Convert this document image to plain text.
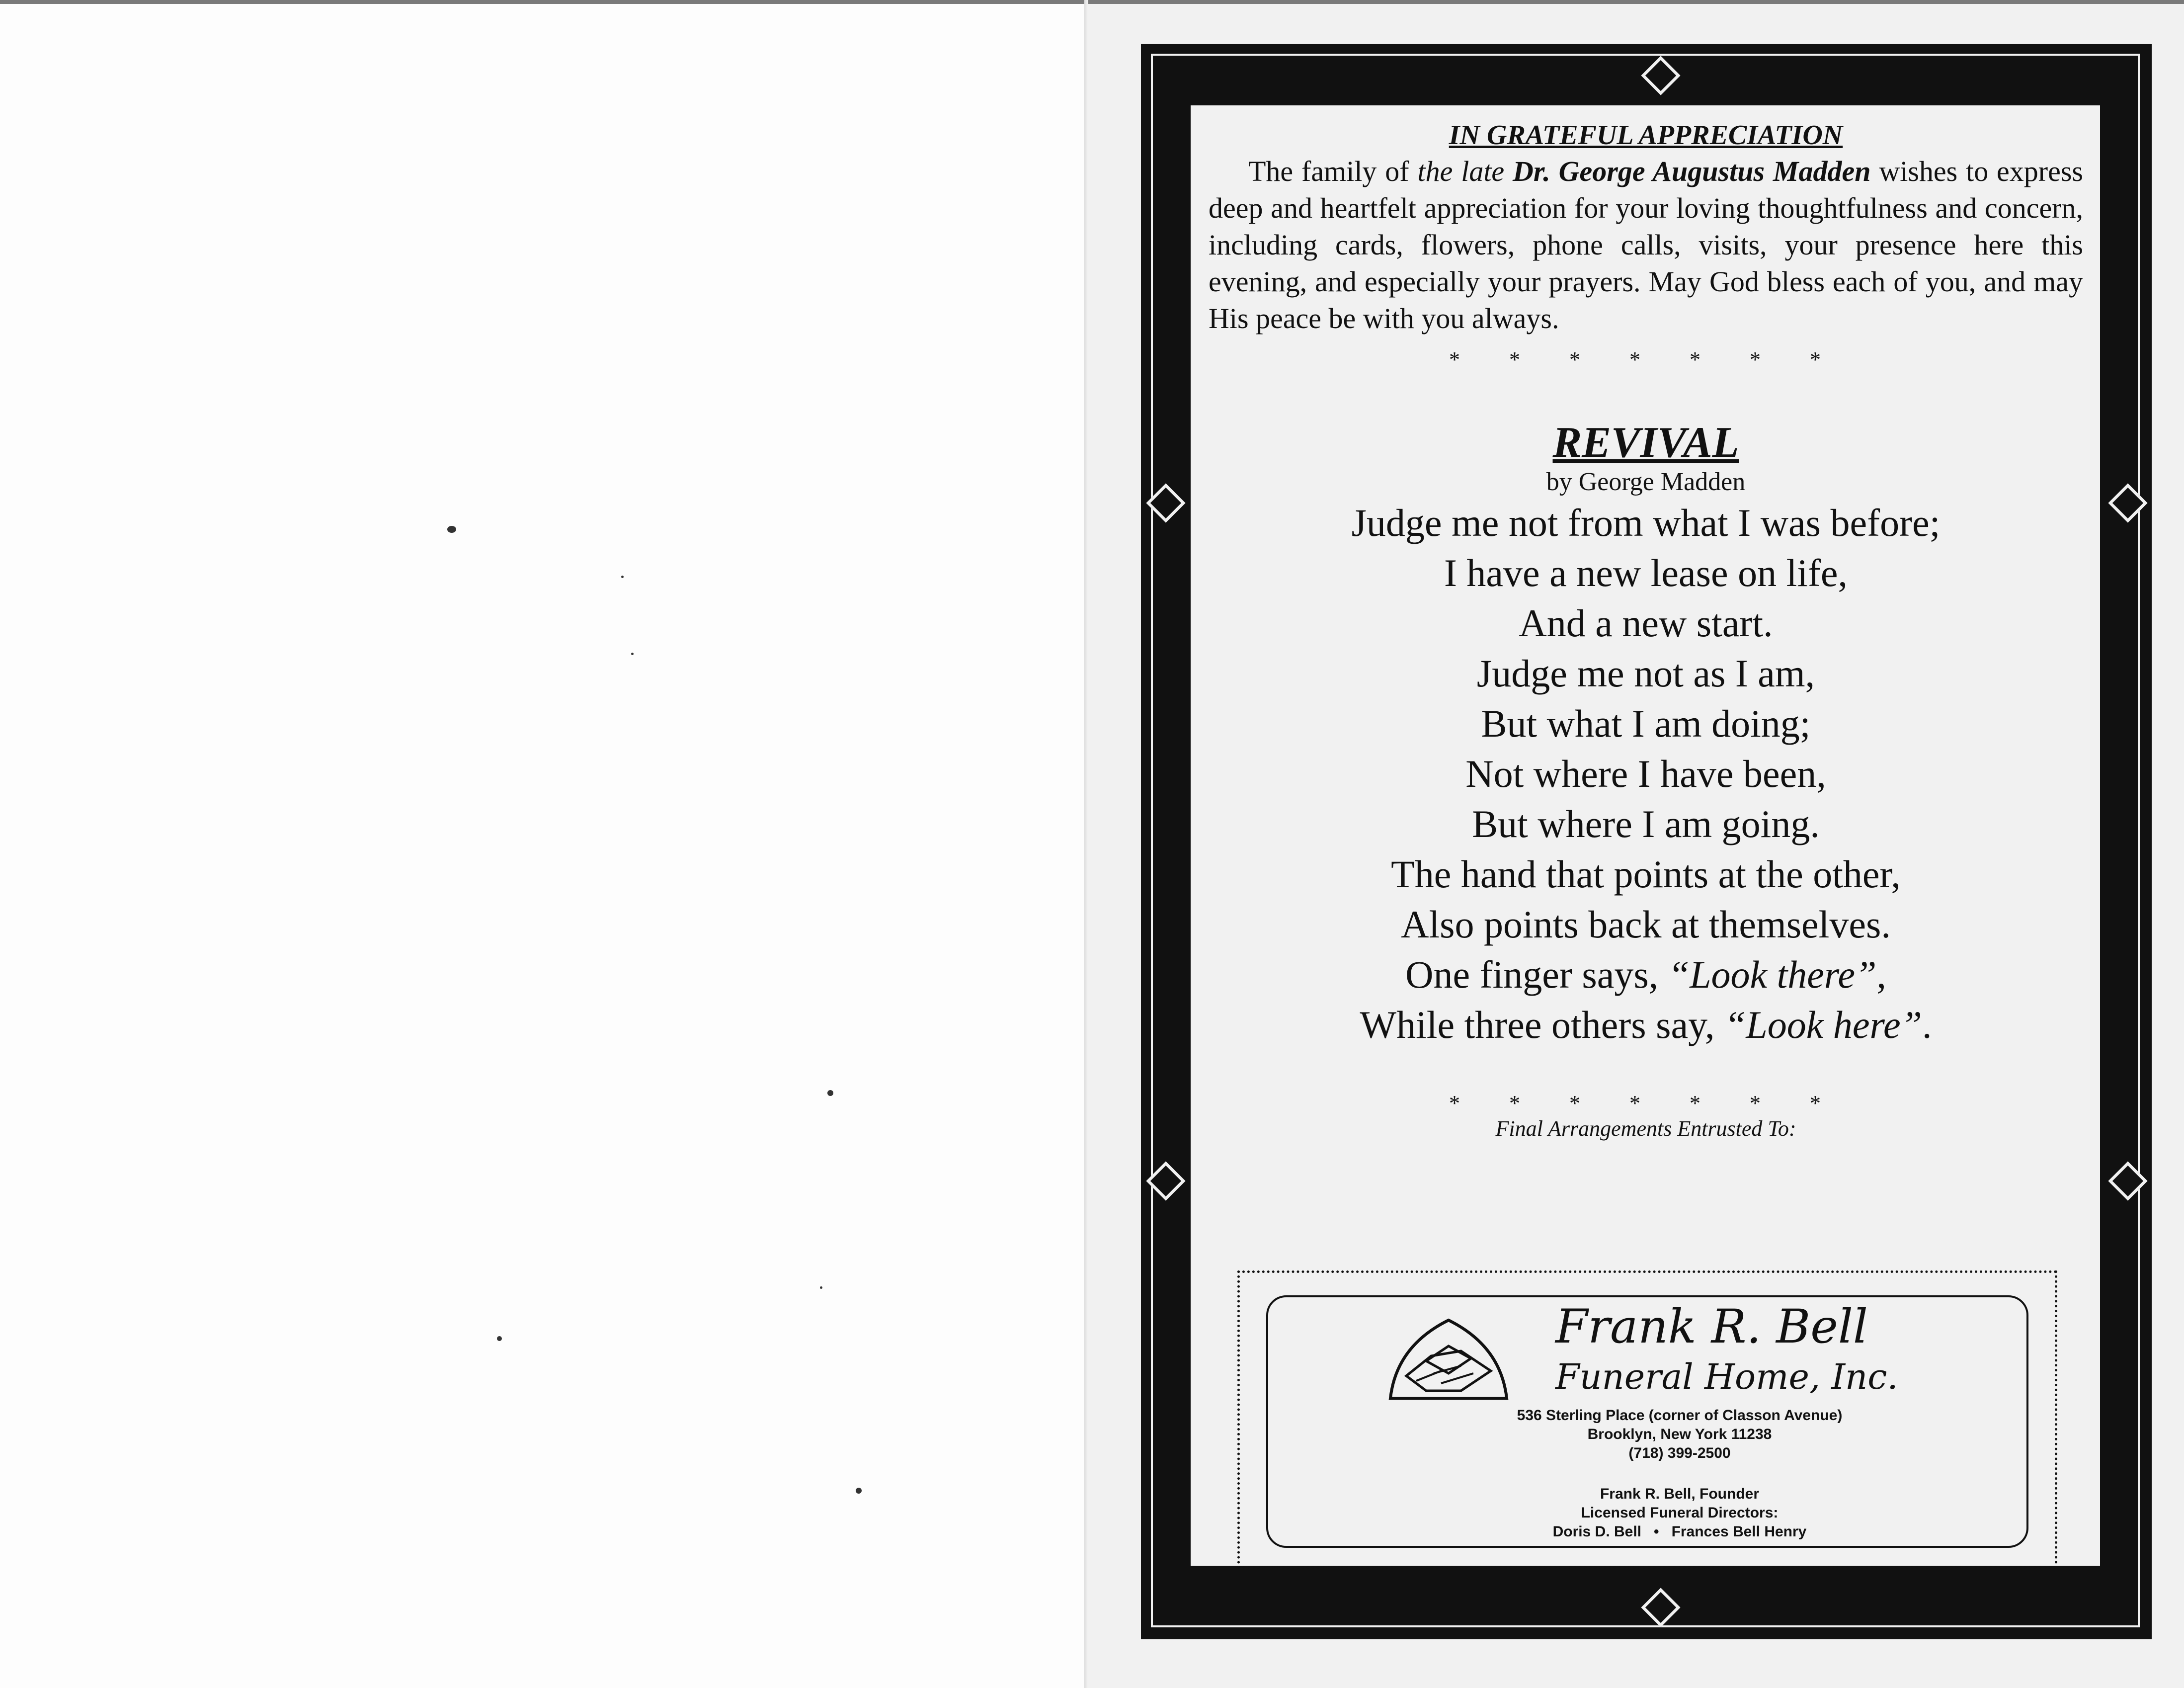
IN GRATEFUL APPRECIATION

The family of the late Dr. George Augustus Madden wishes to express deep and heartfelt appreciation for your loving thoughtfulness and concern, including cards, flowers, phone calls, visits, your presence here this evening, and especially your prayers. May God bless each of you, and may His peace be with you always.

* * * * * * *

REVIVAL

by George Madden

Judge me not from what I was before;
I have a new lease on life,
And a new start.
Judge me not as I am,
But what I am doing;
Not where I have been,
But where I am going.
The hand that points at the other,
Also points back at themselves.
One finger says, “Look there”,
While three others say, “Look here”.

* * * * * * *

Final Arrangements Entrusted To:

Frank R. Bell
Funeral Home, Inc.
536 Sterling Place (corner of Classon Avenue)
Brooklyn, New York 11238
(718) 399-2500
Frank R. Bell, Founder
Licensed Funeral Directors:
Doris D. Bell • Frances Bell Henry
